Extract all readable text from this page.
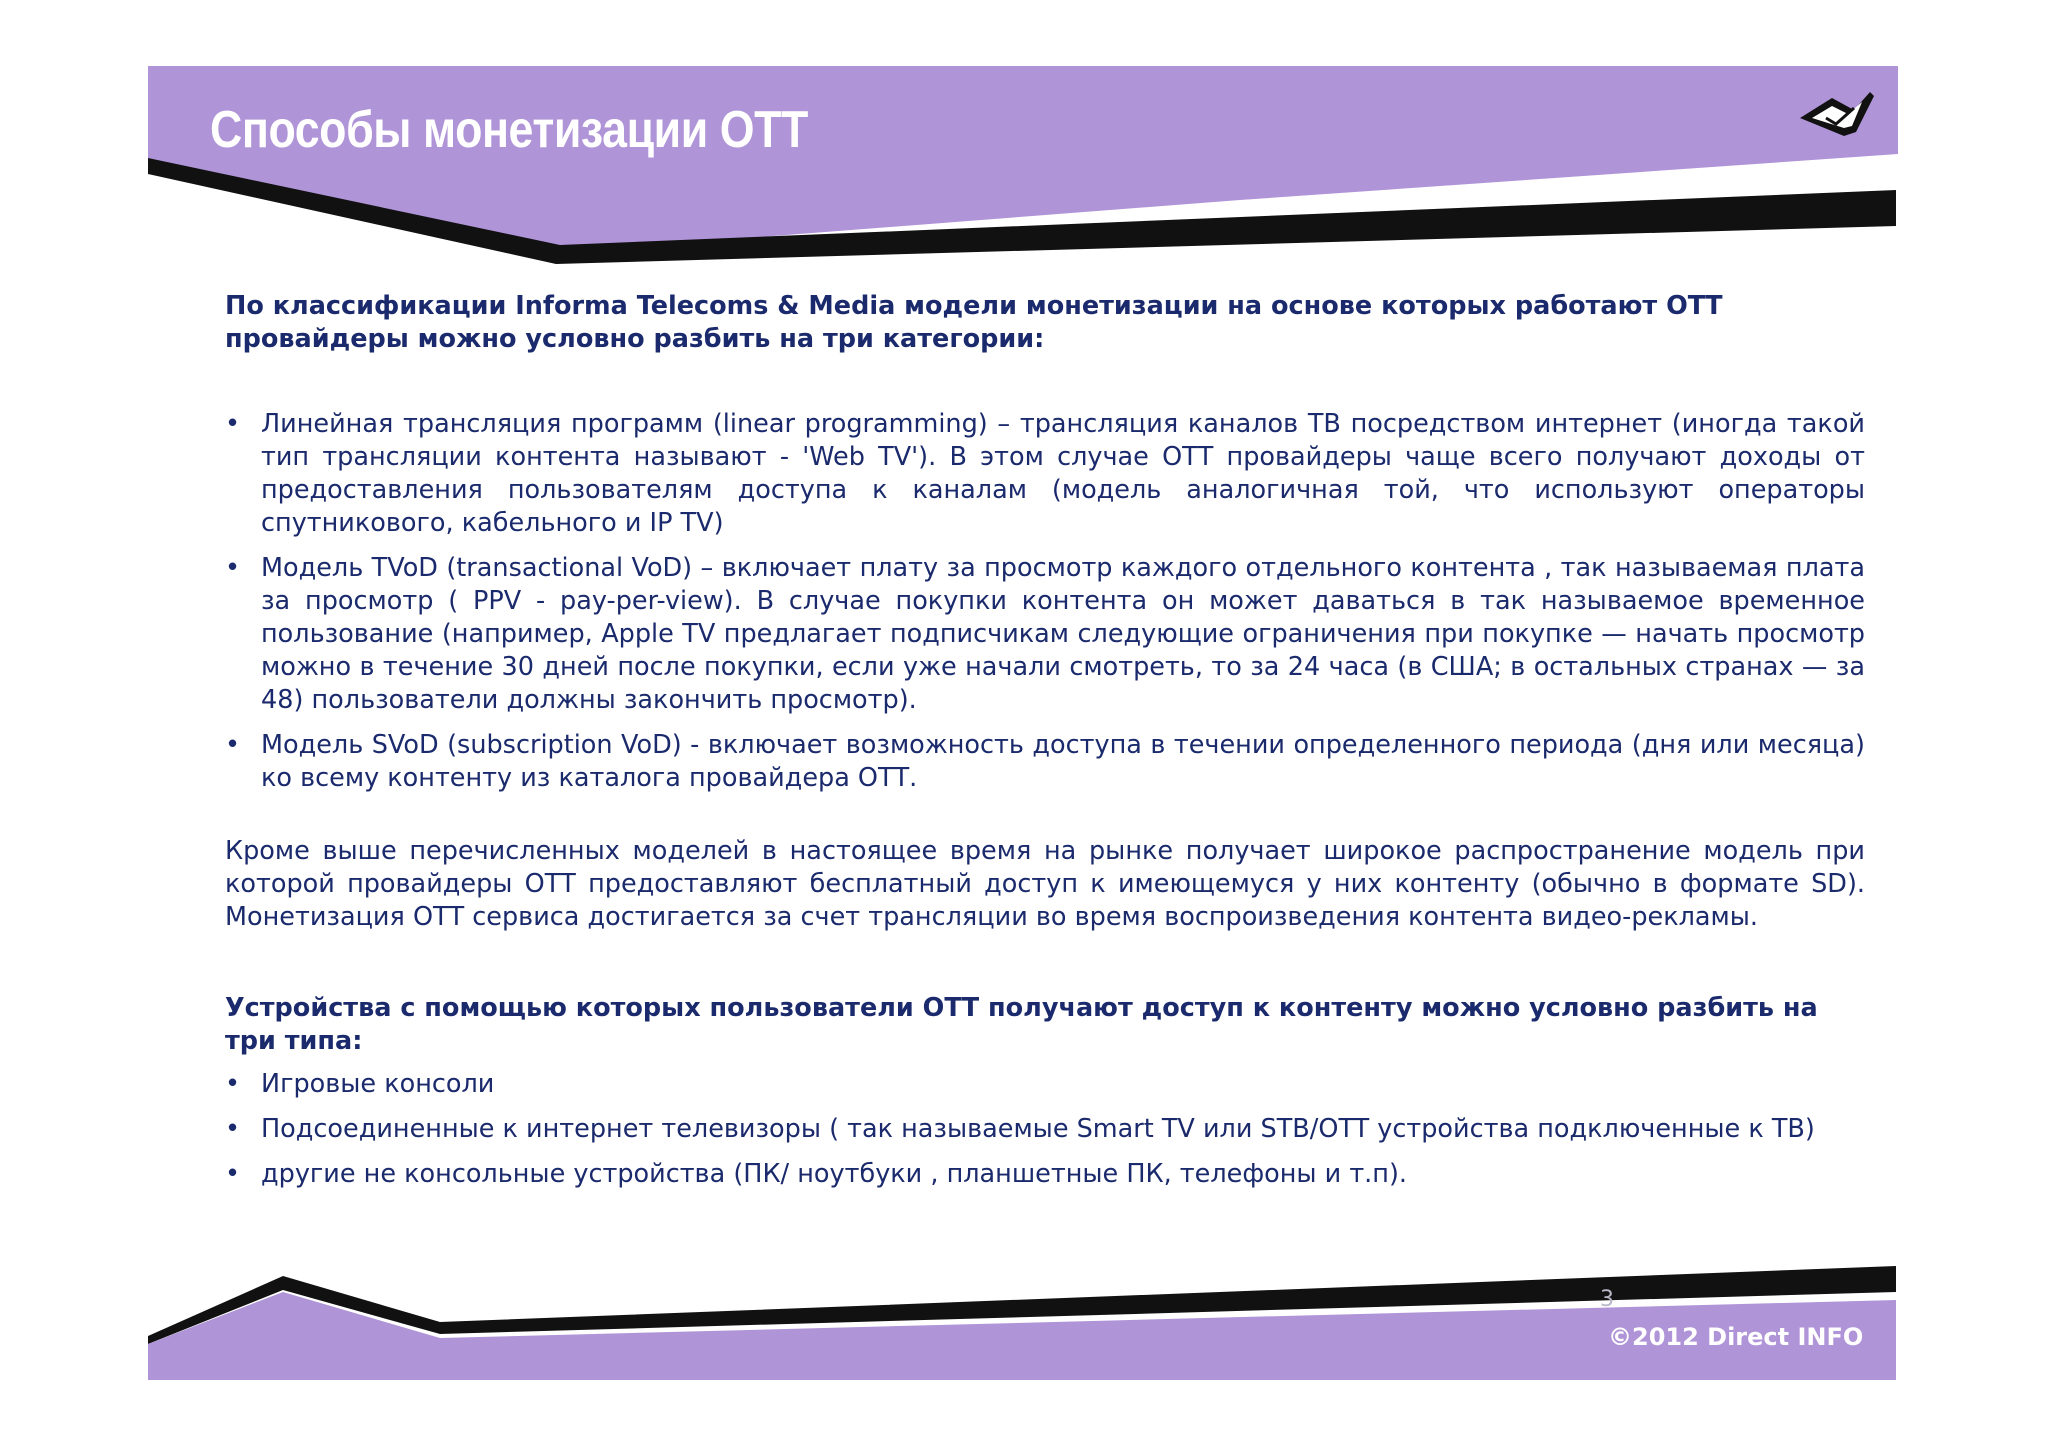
Способы монетизации ОТТ

По классификации Informa Telecoms & Media модели монетизации на основе которых работают ОТТ провайдеры можно условно разбить на три категории:

• Линейная трансляция программ (linear programming) – трансляция каналов ТВ посредством интернет (иногда такой тип трансляции контента называют - 'Web TV'). В этом случае ОТТ провайдеры чаще всего получают доходы от предоставления пользователям доступа к каналам (модель аналогичная той, что используют операторы спутникового, кабельного и IP TV)
• Модель TVoD (transactional VoD) – включает плату за просмотр каждого отдельного контента , так называемая плата за просмотр ( PPV - pay-per-view). В случае покупки контента он может даваться в так называемое временное пользование (например, Apple TV предлагает подписчикам следующие ограничения при покупке — начать просмотр можно в течение 30 дней после покупки, если уже начали смотреть, то за 24 часа (в США; в остальных странах — за 48) пользователи должны закончить просмотр).
• Модель SVoD (subscription VoD) - включает возможность доступа в течении определенного периода (дня или месяца) ко всему контенту из каталога провайдера ОТТ.

Кроме выше перечисленных моделей в настоящее время на рынке получает широкое распространение модель при которой провайдеры ОТТ предоставляют бесплатный доступ к имеющемуся у них контенту (обычно в формате SD). Монетизация ОТТ сервиса достигается за счет трансляции во время воспроизведения контента видео-рекламы.

Устройства с помощью которых пользователи ОТТ получают доступ к контенту можно условно разбить на три типа:

• Игровые консоли
• Подсоединенные к интернет телевизоры ( так называемые Smart TV или STB/OTT устройства подключенные к ТВ)
• другие не консольные устройства (ПК/ ноутбуки , планшетные ПК, телефоны и т.п).
3
©2012 Direct INFO
